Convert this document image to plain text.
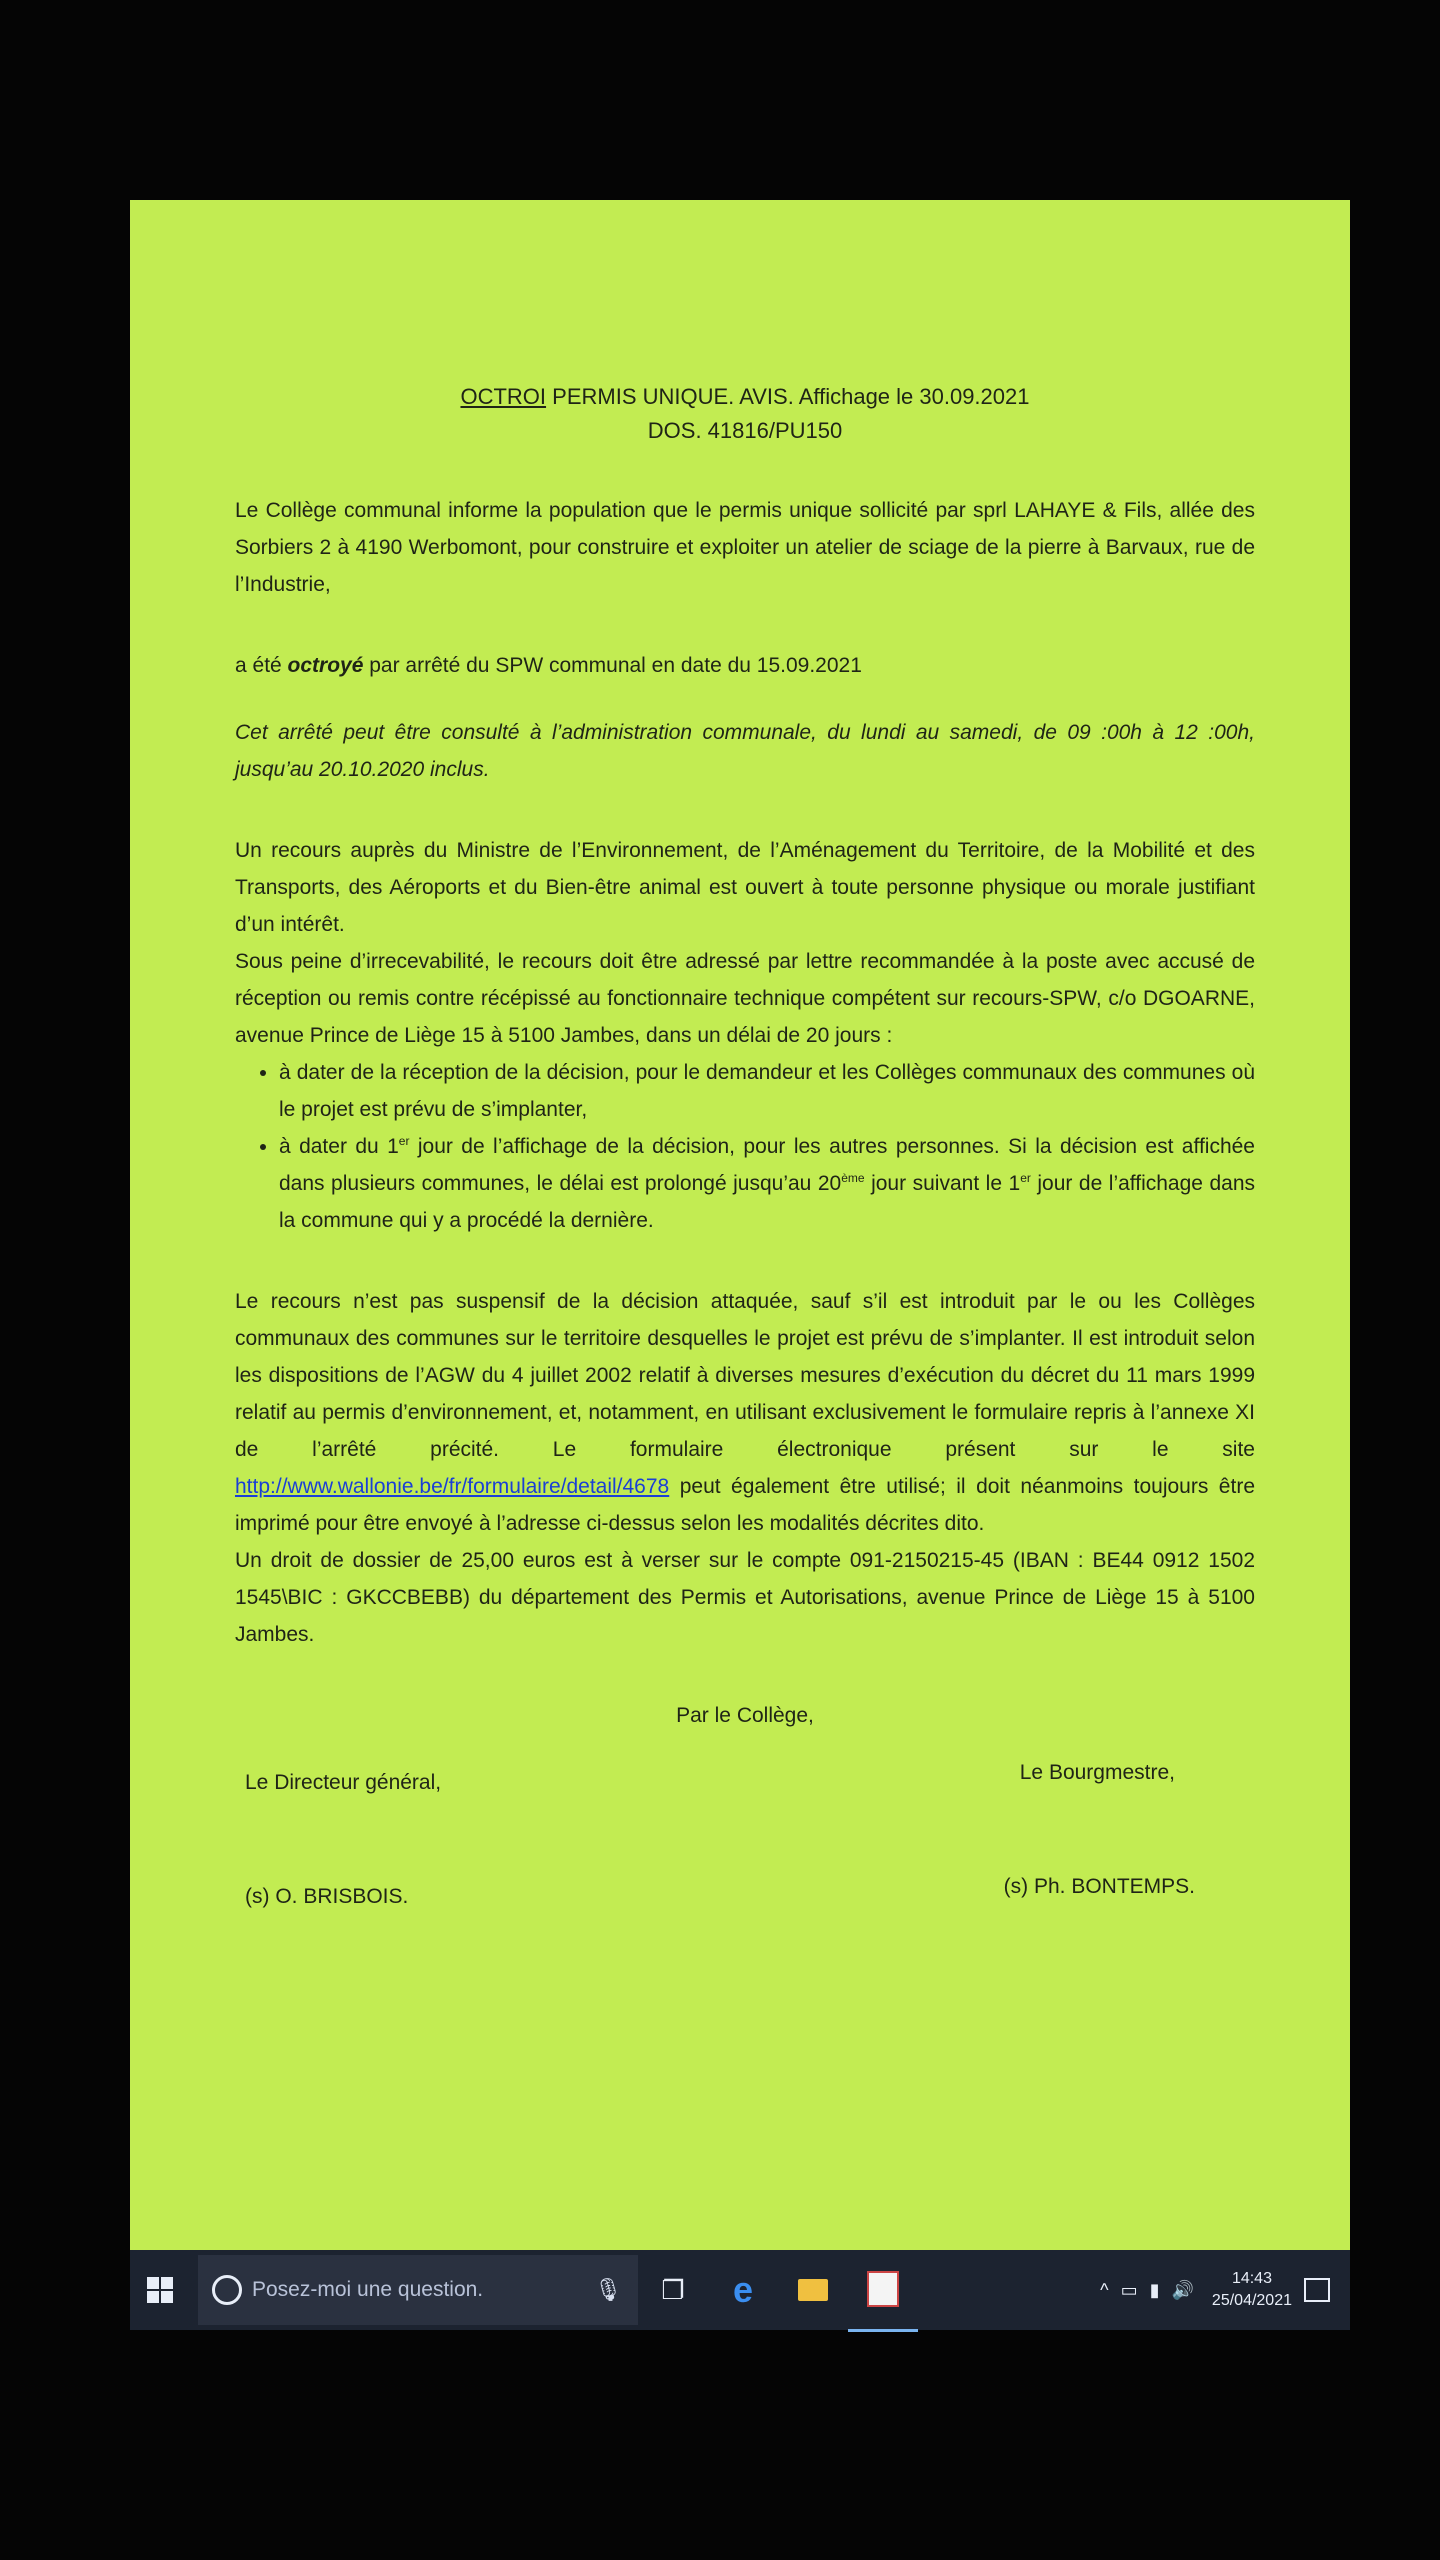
OCTROI PERMIS UNIQUE. AVIS. Affichage le 30.09.2021

DOS. 41816/PU150

Le Collège communal informe la population que le permis unique sollicité par sprl LAHAYE & Fils, allée des Sorbiers 2 à 4190 Werbomont, pour construire et exploiter un atelier de sciage de la pierre à Barvaux, rue de l’Industrie,

a été octroyé par arrêté du SPW communal en date du 15.09.2021

Cet arrêté peut être consulté à l’administration communale, du lundi au samedi, de 09 :00h à 12 :00h, jusqu’au 20.10.2020 inclus.

Un recours auprès du Ministre de l’Environnement, de l’Aménagement du Territoire, de la Mobilité et des Transports, des Aéroports et du Bien-être animal est ouvert à toute personne physique ou morale justifiant d’un intérêt.

Sous peine d’irrecevabilité, le recours doit être adressé par lettre recommandée à la poste avec accusé de réception ou remis contre récépissé au fonctionnaire technique compétent sur recours-SPW, c/o DGOARNE, avenue Prince de Liège 15 à 5100 Jambes, dans un délai de 20 jours :

• à dater de la réception de la décision, pour le demandeur et les Collèges communaux des communes où le projet est prévu de s’implanter,
• à dater du 1er jour de l’affichage de la décision, pour les autres personnes. Si la décision est affichée dans plusieurs communes, le délai est prolongé jusqu’au 20ème jour suivant le 1er jour de l’affichage dans la commune qui y a procédé la dernière.

Le recours n’est pas suspensif de la décision attaquée, sauf s’il est introduit par le ou les Collèges communaux des communes sur le territoire desquelles le projet est prévu de s’implanter. Il est introduit selon les dispositions de l’AGW du 4 juillet 2002 relatif à diverses mesures d’exécution du décret du 11 mars 1999 relatif au permis d’environnement, et, notamment, en utilisant exclusivement le formulaire repris à l’annexe XI de l’arrêté précité. Le formulaire électronique présent sur le site http://www.wallonie.be/fr/formulaire/detail/4678 peut également être utilisé; il doit néanmoins toujours être imprimé pour être envoyé à l’adresse ci-dessus selon les modalités décrites dito.

Un droit de dossier de 25,00 euros est à verser sur le compte 091-2150215-45 (IBAN : BE44 0912 1502 1545\BIC : GKCCBEBB) du département des Permis et Autorisations, avenue Prince de Liège 15 à 5100 Jambes.

Par le Collège,

Le Directeur général,	Le Bourgmestre,
(s) O. BRISBOIS.	(s) Ph. BONTEMPS.
Posez-moi une question.	🎙	❐	e	^ ▭ ▮ 🔊
14:43
25/04/2021
